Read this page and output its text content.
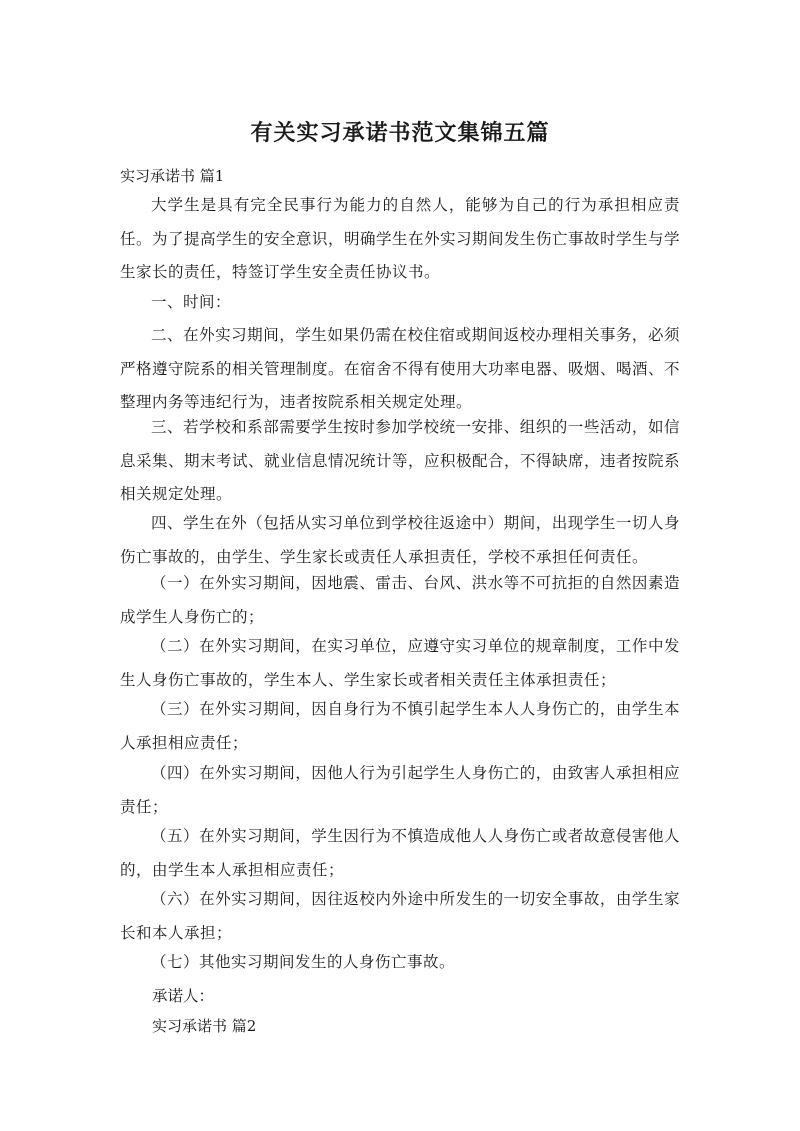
有关实习承诺书范文集锦五篇
实习承诺书 篇1

大学生是具有完全民事行为能力的自然人，能够为自己的行为承担相应责任。为了提高学生的安全意识，明确学生在外实习期间发生伤亡事故时学生与学生家长的责任，特签订学生安全责任协议书。

一、时间：

二、在外实习期间，学生如果仍需在校住宿或期间返校办理相关事务，必须严格遵守院系的相关管理制度。在宿舍不得有使用大功率电器、吸烟、喝酒、不整理内务等违纪行为，违者按院系相关规定处理。

三、若学校和系部需要学生按时参加学校统一安排、组织的一些活动，如信息采集、期末考试、就业信息情况统计等，应积极配合，不得缺席，违者按院系相关规定处理。

四、学生在外（包括从实习单位到学校往返途中）期间，出现学生一切人身伤亡事故的，由学生、学生家长或责任人承担责任，学校不承担任何责任。

（一）在外实习期间，因地震、雷击、台风、洪水等不可抗拒的自然因素造成学生人身伤亡的；

（二）在外实习期间，在实习单位，应遵守实习单位的规章制度，工作中发生人身伤亡事故的，学生本人、学生家长或者相关责任主体承担责任；

（三）在外实习期间，因自身行为不慎引起学生本人人身伤亡的，由学生本人承担相应责任；

（四）在外实习期间，因他人行为引起学生人身伤亡的，由致害人承担相应责任；

（五）在外实习期间，学生因行为不慎造成他人人身伤亡或者故意侵害他人的，由学生本人承担相应责任；

（六）在外实习期间，因往返校内外途中所发生的一切安全事故，由学生家长和本人承担；

（七）其他实习期间发生的人身伤亡事故。

承诺人：
实习承诺书 篇2
